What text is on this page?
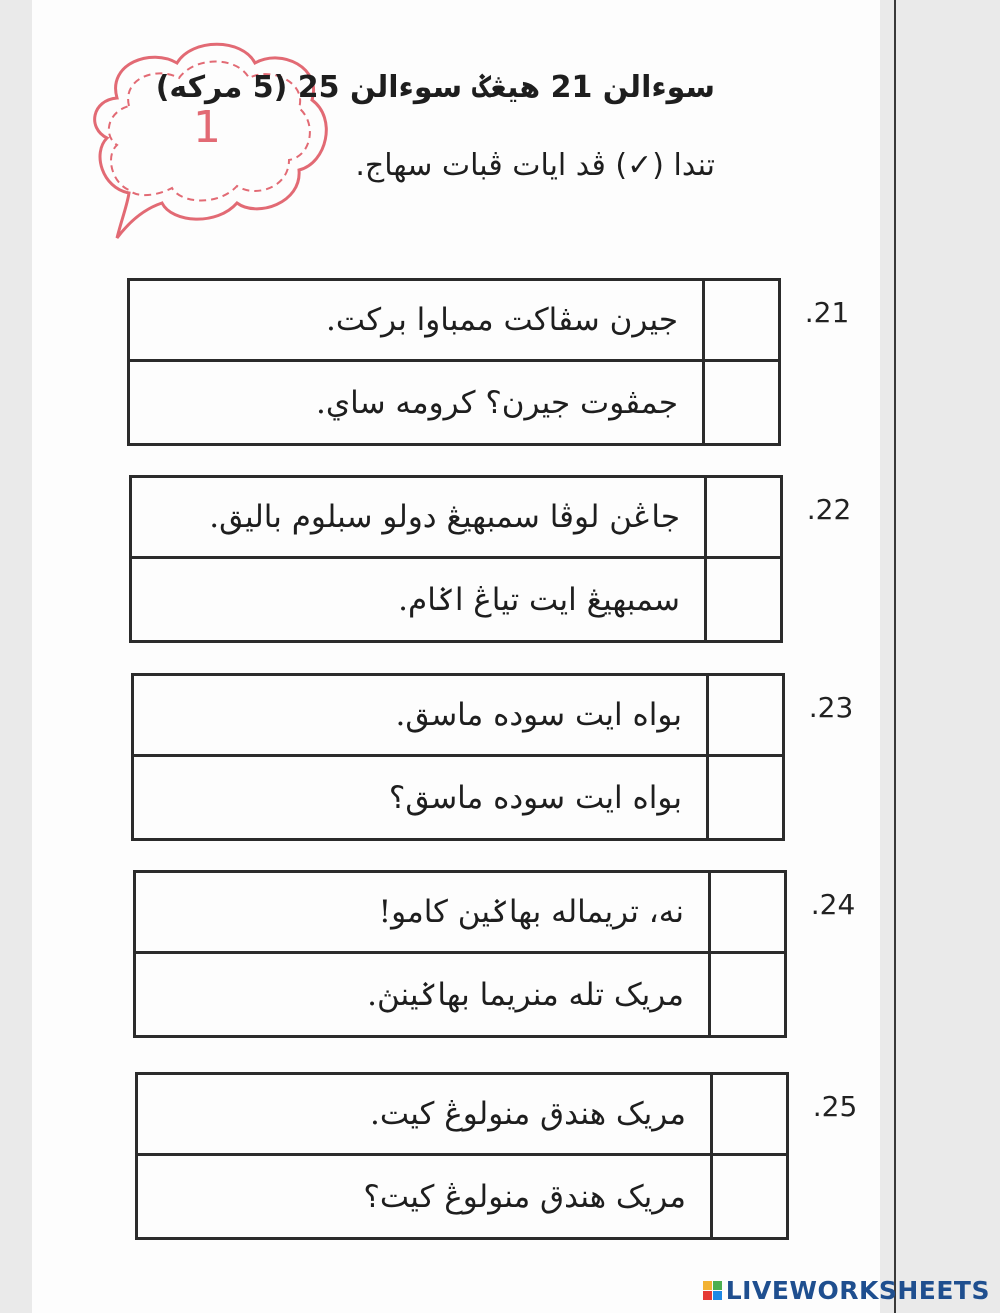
1
سوءالن 21 هيڠݢ سوءالن 25 (5 مرکه)
تندا (✓) ڤد ايات ڤبات سهاج.
جيرن سڤاکت ممباوا برکت.
جمڤوت جيرن؟ کرومه ساي.
.21
جاڠن لوڤا سمبهيڠ دولو سبلوم باليق.
سمبهيڠ ايت تياڠ اݢام.
.22
بواه ايت سوده ماسق.
بواه ايت سوده ماسق؟
.23
نه، تريماله بهاݢين کامو!
مريک تله منريما بهاݢينڽ.
.24
مريک هندق منولوڠ کيت.
مريک هندق منولوڠ کيت؟
.25
LIVEWORKSHEETS
